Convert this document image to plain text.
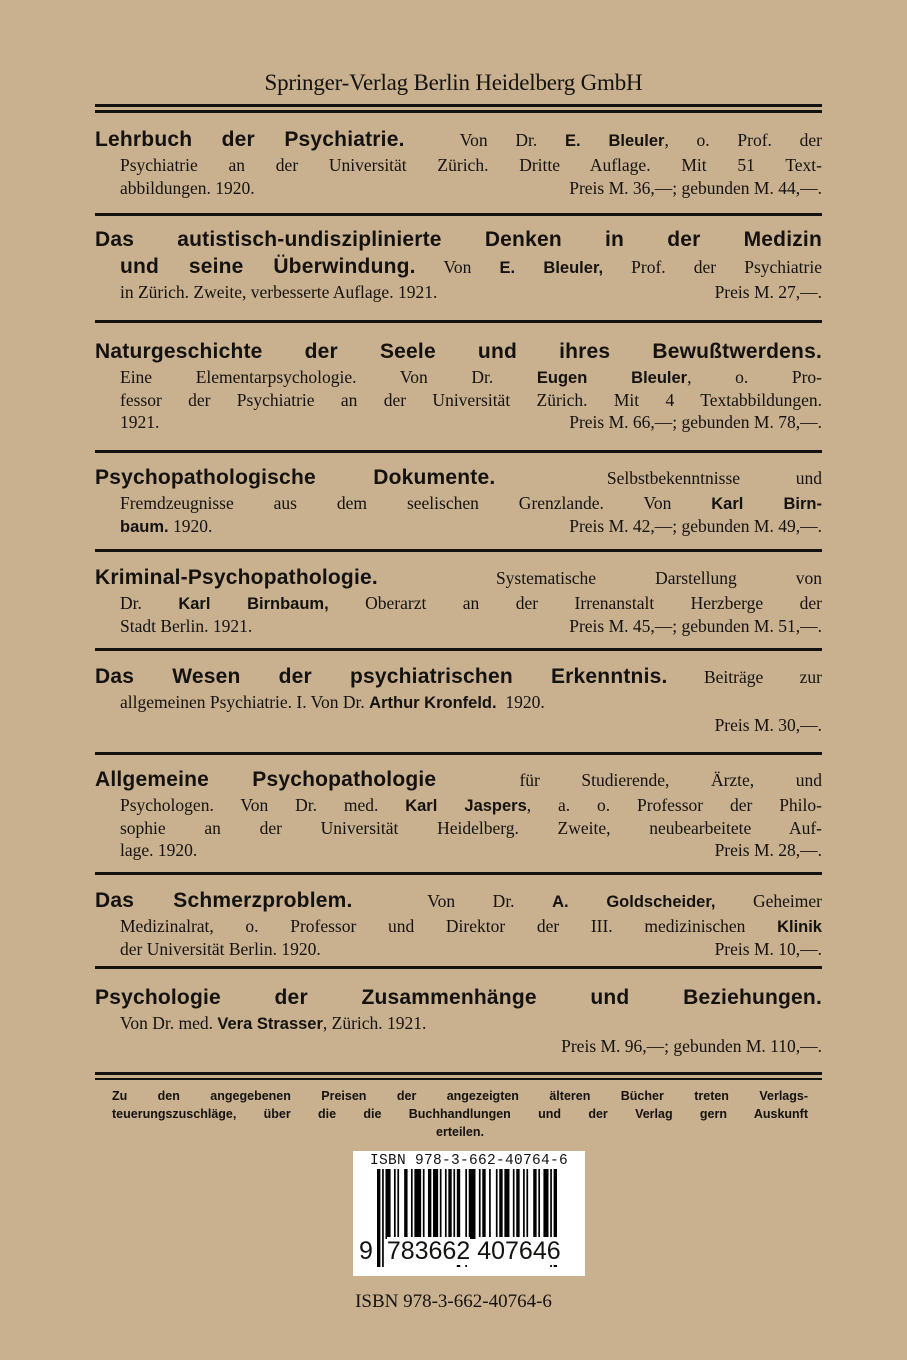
Springer-Verlag Berlin Heidelberg GmbH
Lehrbuch der Psychiatrie.  Von Dr. E. Bleuler, o. Prof. der
Psychiatrie an der Universität Zürich. Dritte Auflage. Mit 51 Text-
abbildungen. 1920.	Preis M. 36,—; gebunden M. 44,—.
Das autistisch-undisziplinierte Denken in der Medizin
und seine Überwindung. Von E. Bleuler, Prof. der Psychiatrie
in Zürich. Zweite, verbesserte Auflage. 1921.	Preis M. 27,—.
Naturgeschichte der Seele und ihres Bewußtwerdens.
Eine Elementarpsychologie. Von Dr. Eugen Bleuler, o. Pro-
fessor der Psychiatrie an der Universität Zürich. Mit 4 Textabbildungen.
1921.	Preis M. 66,—; gebunden M. 78,—.
Psychopathologische Dokumente.  Selbstbekenntnisse und
Fremdzeugnisse aus dem seelischen Grenzlande. Von Karl Birn-
baum. 1920.	Preis M. 42,—; gebunden M. 49,—.
Kriminal-Psychopathologie.  Systematische Darstellung von
Dr. Karl Birnbaum, Oberarzt an der Irrenanstalt Herzberge der
Stadt Berlin. 1921.	Preis M. 45,—; gebunden M. 51,—.
Das Wesen der psychiatrischen Erkenntnis. Beiträge zur
allgemeinen Psychiatrie. I. Von Dr. Arthur Kronfeld.  1920.
Preis M. 30,—.
Allgemeine Psychopathologie  für Studierende, Ärzte, und
Psychologen. Von Dr. med. Karl Jaspers, a. o. Professor der Philo-
sophie an der Universität Heidelberg. Zweite, neubearbeitete Auf-
lage. 1920.	Preis M. 28,—.
Das Schmerzproblem.  Von Dr. A. Goldscheider, Geheimer
Medizinalrat, o. Professor und Direktor der III. medizinischen Klinik
der Universität Berlin. 1920.	Preis M. 10,—.
Psychologie der Zusammenhänge und Beziehungen.
Von Dr. med. Vera Strasser, Zürich. 1921.
Preis M. 96,—; gebunden M. 110,—.
Zu den angegebenen Preisen der angezeigten älteren Bücher treten Verlags-
teuerungszuschläge, über die die Buchhandlungen und der Verlag gern Auskunft
erteilen.
ISBN 978-3-662-40764-6
9 783662 407646
ISBN 978-3-662-40764-6
